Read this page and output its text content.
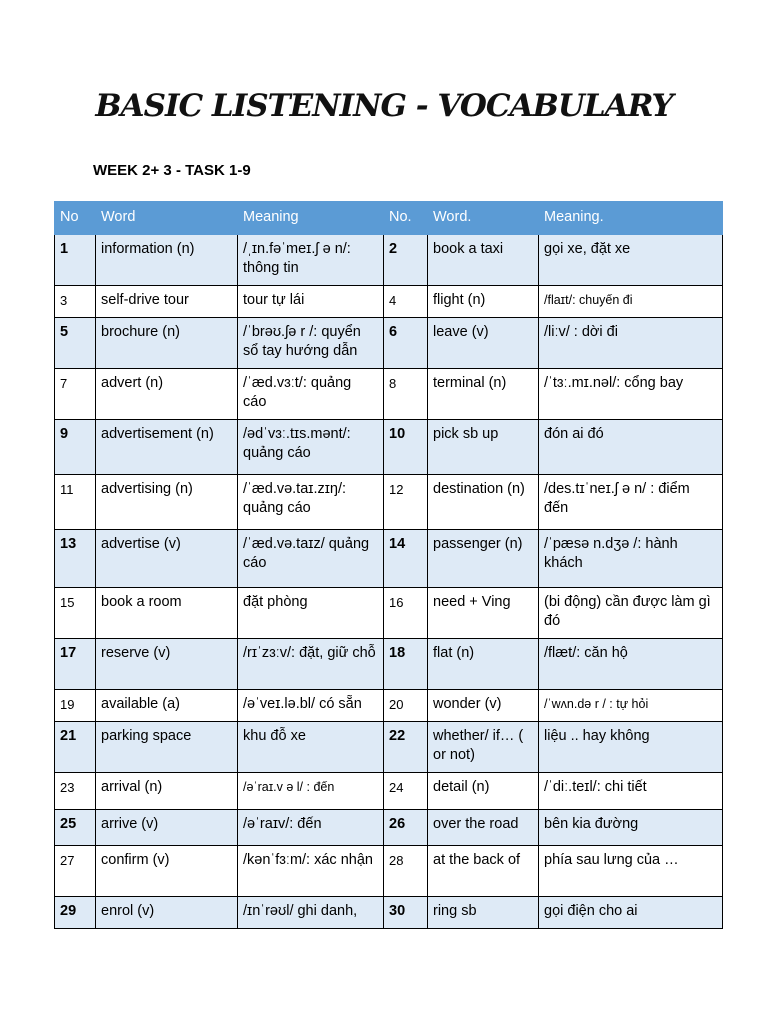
BASIC LISTENING - VOCABULARY
WEEK 2+ 3 - TASK 1-9
No	Word	Meaning	No.	Word.	Meaning.
1	information (n)	/ˌɪn.fəˈmeɪ.ʃ ə n/: thông tin	2	book a taxi	gọi xe, đặt xe
3	self-drive tour	tour tự lái	4	flight (n)	/flaɪt/: chuyến đi
5	brochure (n)	/ˈbrəʊ.ʃə r /: quyển sổ tay hướng dẫn	6	leave (v)	/liːv/ : dời đi
7	advert (n)	/ˈæd.vɜːt/: quảng cáo	8	terminal (n)	/ˈtɜː.mɪ.nəl/: cổng bay
9	advertisement (n)	/ədˈvɜː.tɪs.mənt/: quảng cáo	10	pick sb up	đón ai đó
11	advertising (n)	/ˈæd.və.taɪ.zɪŋ/: quảng cáo	12	destination (n)	/des.tɪˈneɪ.ʃ ə n/ : điểm đến
13	advertise (v)	/ˈæd.və.taɪz/ quảng cáo	14	passenger (n)	/ˈpæsə n.dʒə /: hành khách
15	book a room	đặt phòng	16	need + Ving	(bi động) cần được làm gì đó
17	reserve (v)	/rɪˈzɜːv/: đặt, giữ chỗ	18	flat (n)	/flæt/: căn hộ
19	available (a)	/əˈveɪ.lə.bl/ có sẵn	20	wonder (v)	/ˈwʌn.də r / : tự hỏi
21	parking space	khu đỗ xe	22	whether/ if… ( or not)	liệu .. hay không
23	arrival (n)	/əˈraɪ.v ə l/ : đến	24	detail (n)	/ˈdiː.teɪl/: chi tiết
25	arrive (v)	/əˈraɪv/: đến	26	over the road	bên kia đường
27	confirm (v)	/kənˈfɜːm/: xác nhận	28	at the back of	phía sau lưng của …
29	enrol (v)	/ɪnˈrəʊl/ ghi danh,	30	ring sb	gọi điện cho ai
